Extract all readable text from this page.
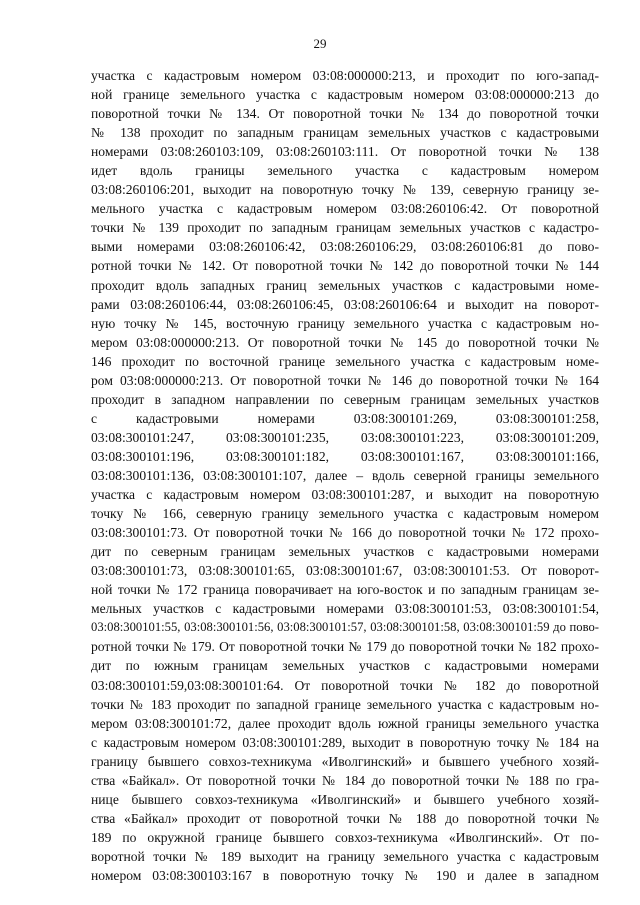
29
участка с кадастровым номером 03:08:000000:213, и проходит по юго-запад-
ной границе земельного участка с кадастровым номером 03:08:000000:213 до
поворотной точки № 134. От поворотной точки № 134 до поворотной точки
№ 138 проходит по западным границам земельных участков с кадастровыми
номерами 03:08:260103:109, 03:08:260103:111. От поворотной точки № 138
идет вдоль границы земельного участка с кадастровым номером
03:08:260106:201, выходит на поворотную точку № 139, северную границу зе-
мельного участка с кадастровым номером 03:08:260106:42. От поворотной
точки № 139 проходит по западным границам земельных участков с кадастро-
выми номерами 03:08:260106:42, 03:08:260106:29, 03:08:260106:81 до пово-
ротной точки № 142. От поворотной точки № 142 до поворотной точки № 144
проходит вдоль западных границ земельных участков с кадастровыми номе-
рами 03:08:260106:44, 03:08:260106:45, 03:08:260106:64 и выходит на поворот-
ную точку № 145, восточную границу земельного участка с кадастровым но-
мером 03:08:000000:213. От поворотной точки № 145 до поворотной точки №
146 проходит по восточной границе земельного участка с кадастровым номе-
ром 03:08:000000:213. От поворотной точки № 146 до поворотной точки № 164
проходит в западном направлении по северным границам земельных участков
с кадастровыми номерами 03:08:300101:269, 03:08:300101:258,
03:08:300101:247, 03:08:300101:235, 03:08:300101:223, 03:08:300101:209,
03:08:300101:196, 03:08:300101:182, 03:08:300101:167, 03:08:300101:166,
03:08:300101:136, 03:08:300101:107, далее – вдоль северной границы земельного
участка с кадастровым номером 03:08:300101:287, и выходит на поворотную
точку № 166, северную границу земельного участка с кадастровым номером
03:08:300101:73. От поворотной точки № 166 до поворотной точки № 172 прохо-
дит по северным границам земельных участков с кадастровыми номерами
03:08:300101:73, 03:08:300101:65, 03:08:300101:67, 03:08:300101:53. От поворот-
ной точки № 172 граница поворачивает на юго-восток и по западным границам зе-
мельных участков с кадастровыми номерами 03:08:300101:53, 03:08:300101:54,
03:08:300101:55, 03:08:300101:56, 03:08:300101:57, 03:08:300101:58, 03:08:300101:59 до пово-
ротной точки № 179. От поворотной точки № 179 до поворотной точки № 182 прохо-
дит по южным границам земельных участков с кадастровыми номерами
03:08:300101:59,03:08:300101:64. От поворотной точки № 182 до поворотной
точки № 183 проходит по западной границе земельного участка с кадастровым но-
мером 03:08:300101:72, далее проходит вдоль южной границы земельного участка
с кадастровым номером 03:08:300101:289, выходит в поворотную точку № 184 на
границу бывшего совхоз-техникума «Иволгинский» и бывшего учебного хозяй-
ства «Байкал». От поворотной точки № 184 до поворотной точки № 188 по гра-
нице бывшего совхоз-техникума «Иволгинский» и бывшего учебного хозяй-
ства «Байкал» проходит от поворотной точки № 188 до поворотной точки №
189 по окружной границе бывшего совхоз-техникума «Иволгинский». От по-
воротной точки № 189 выходит на границу земельного участка с кадастровым
номером 03:08:300103:167 в поворотную точку № 190 и далее в западном
